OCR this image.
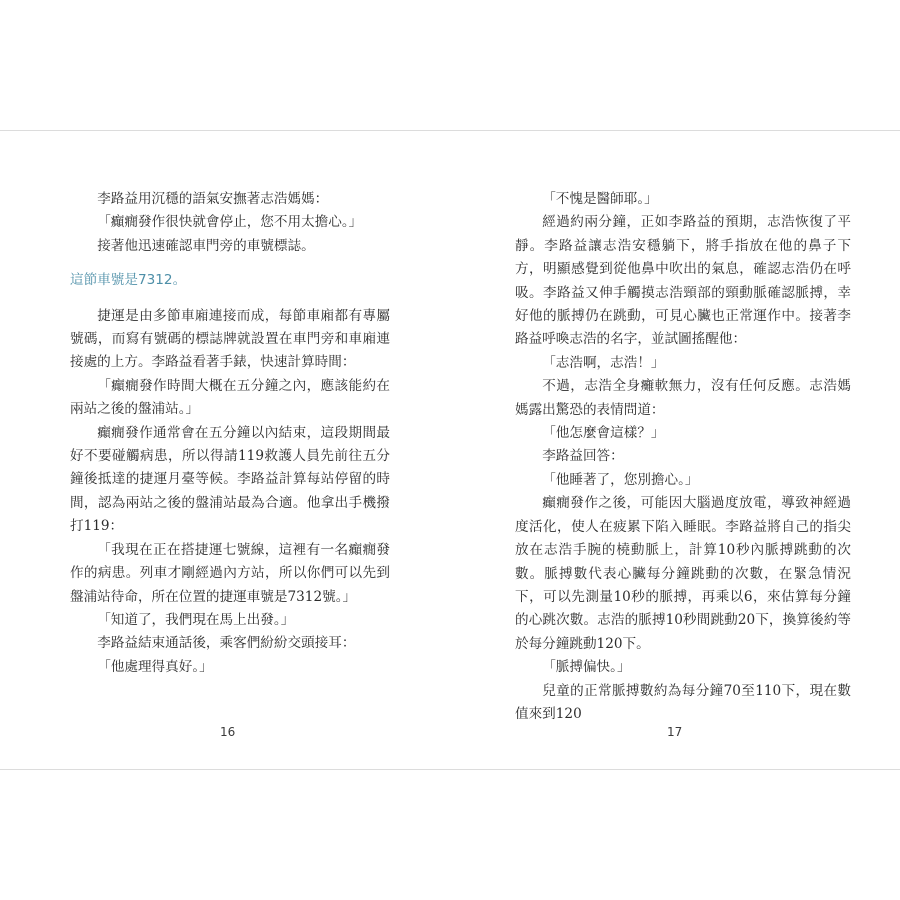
李路益用沉穩的語氣安撫著志浩媽媽：

「癲癇發作很快就會停止，您不用太擔心。」

接著他迅速確認車門旁的車號標誌。

這節車號是7312。

捷運是由多節車廂連接而成，每節車廂都有專屬號碼，而寫有號碼的標誌牌就設置在車門旁和車廂連接處的上方。李路益看著手錶，快速計算時間：

「癲癇發作時間大概在五分鐘之內，應該能約在兩站之後的盤浦站。」

癲癇發作通常會在五分鐘以內結束，這段期間最好不要碰觸病患，所以得請119救護人員先前往五分鐘後抵達的捷運月臺等候。李路益計算每站停留的時間，認為兩站之後的盤浦站最為合適。他拿出手機撥打119：

「我現在正在搭捷運七號線，這裡有一名癲癇發作的病患。列車才剛經過內方站，所以你們可以先到盤浦站待命，所在位置的捷運車號是7312號。」

「知道了，我們現在馬上出發。」

李路益結束通話後，乘客們紛紛交頭接耳：

「他處理得真好。」

「不愧是醫師耶。」

經過約兩分鐘，正如李路益的預期，志浩恢復了平靜。李路益讓志浩安穩躺下，將手指放在他的鼻子下方，明顯感覺到從他鼻中吹出的氣息，確認志浩仍在呼吸。李路益又伸手觸摸志浩頸部的頸動脈確認脈搏，幸好他的脈搏仍在跳動，可見心臟也正常運作中。接著李路益呼喚志浩的名字，並試圖搖醒他：

「志浩啊，志浩！」

不過，志浩全身癱軟無力，沒有任何反應。志浩媽媽露出驚恐的表情問道：

「他怎麼會這樣？」

李路益回答：

「他睡著了，您別擔心。」

癲癇發作之後，可能因大腦過度放電，導致神經過度活化，使人在疲累下陷入睡眠。李路益將自己的指尖放在志浩手腕的橈動脈上，計算10秒內脈搏跳動的次數。脈搏數代表心臟每分鐘跳動的次數，在緊急情況下，可以先測量10秒的脈搏，再乘以6，來估算每分鐘的心跳次數。志浩的脈搏10秒間跳動20下，換算後約等於每分鐘跳動120下。

「脈搏偏快。」

兒童的正常脈搏數約為每分鐘70至110下，現在數值來到120

16	17
